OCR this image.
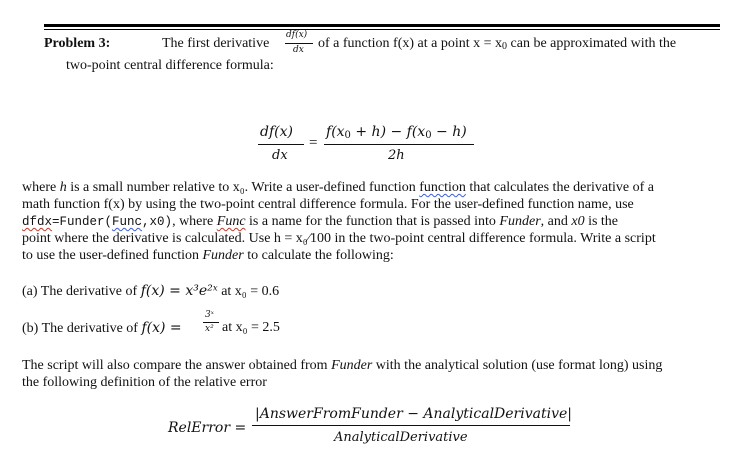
Problem 3:	The first derivative
df(x)
dx of a function f(x) at a point $x = x_0$ can be approximated with the
two-point central difference formula:
df(x)
dx
=
$f(x_0 + h) - f(x_0 - h)$
2h
where h is a small number relative to x₀. Write a user-defined function function that calculates the derivative of a
math function f(x) by using the two-point central difference formula. For the user-defined function name, use
dfdx=Funder(Func,x0), where Func is a name for the function that is passed into Funder, and x0 is the
point where the derivative is calculated. Use h = x₀⁄100 in the two-point central difference formula. Write a script
to use the user-defined function Funder to calculate the following:
(a) The derivative of f(x) = x³e²ˣ at x₀ = 0.6
(b) The derivative of f(x) =
3ˣ
x² at x₀ = 2.5
The script will also compare the answer obtained from Funder with the analytical solution (use format long) using
the following definition of the relative error
RelError =
|AnswerFromFunder − AnalyticalDerivative|
AnalyticalDerivative
